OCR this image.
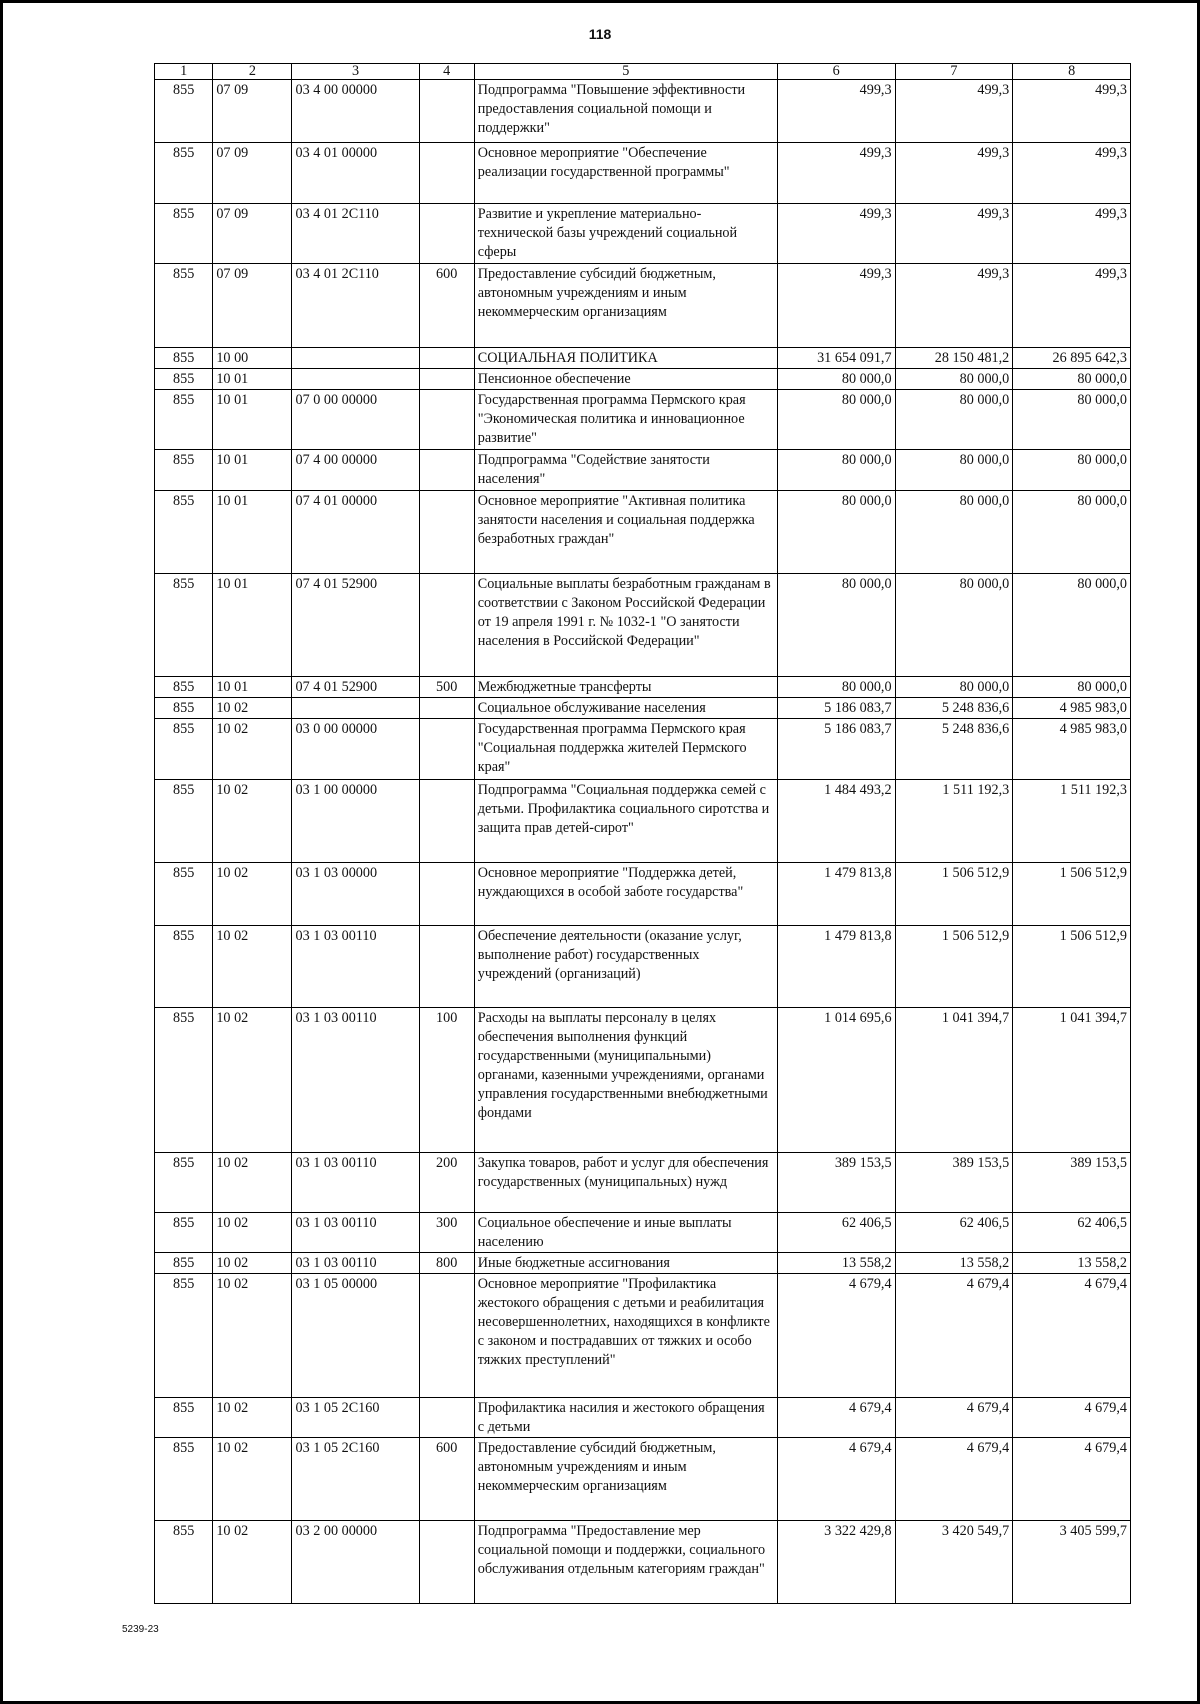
118
1	2	3	4	5	6	7	8
855	07 09	03 4 00 00000		Подпрограмма "Повышение эффективности предоставления социальной помощи и поддержки"	499,3	499,3	499,3
855	07 09	03 4 01 00000		Основное мероприятие "Обеспечение реализации государственной программы"	499,3	499,3	499,3
855	07 09	03 4 01 2С110		Развитие и укрепление материально-технической базы учреждений социальной сферы	499,3	499,3	499,3
855	07 09	03 4 01 2С110	600	Предоставление субсидий бюджетным, автономным учреждениям и иным некоммерческим организациям	499,3	499,3	499,3
855	10 00			СОЦИАЛЬНАЯ ПОЛИТИКА	31 654 091,7	28 150 481,2	26 895 642,3
855	10 01			Пенсионное обеспечение	80 000,0	80 000,0	80 000,0
855	10 01	07 0 00 00000		Государственная программа Пермского края "Экономическая политика и инновационное развитие"	80 000,0	80 000,0	80 000,0
855	10 01	07 4 00 00000		Подпрограмма "Содействие занятости населения"	80 000,0	80 000,0	80 000,0
855	10 01	07 4 01 00000		Основное мероприятие "Активная политика занятости населения и социальная поддержка безработных граждан"	80 000,0	80 000,0	80 000,0
855	10 01	07 4 01 52900		Социальные выплаты безработным гражданам в соответствии с Законом Российской Федерации от 19 апреля 1991 г. № 1032-1 "О занятости населения в Российской Федерации"	80 000,0	80 000,0	80 000,0
855	10 01	07 4 01 52900	500	Межбюджетные трансферты	80 000,0	80 000,0	80 000,0
855	10 02			Социальное обслуживание населения	5 186 083,7	5 248 836,6	4 985 983,0
855	10 02	03 0 00 00000		Государственная программа Пермского края "Социальная поддержка жителей Пермского края"	5 186 083,7	5 248 836,6	4 985 983,0
855	10 02	03 1 00 00000		Подпрограмма "Социальная поддержка семей с детьми. Профилактика социального сиротства и защита прав детей-сирот"	1 484 493,2	1 511 192,3	1 511 192,3
855	10 02	03 1 03 00000		Основное мероприятие "Поддержка детей, нуждающихся в особой заботе государства"	1 479 813,8	1 506 512,9	1 506 512,9
855	10 02	03 1 03 00110		Обеспечение деятельности (оказание услуг, выполнение работ) государственных учреждений (организаций)	1 479 813,8	1 506 512,9	1 506 512,9
855	10 02	03 1 03 00110	100	Расходы на выплаты персоналу в целях обеспечения выполнения функций государственными (муниципальными) органами, казенными учреждениями, органами управления государственными внебюджетными фондами	1 014 695,6	1 041 394,7	1 041 394,7
855	10 02	03 1 03 00110	200	Закупка товаров, работ и услуг для обеспечения государственных (муниципальных) нужд	389 153,5	389 153,5	389 153,5
855	10 02	03 1 03 00110	300	Социальное обеспечение и иные выплаты населению	62 406,5	62 406,5	62 406,5
855	10 02	03 1 03 00110	800	Иные бюджетные ассигнования	13 558,2	13 558,2	13 558,2
855	10 02	03 1 05 00000		Основное мероприятие "Профилактика жестокого обращения с детьми и реабилитация несовершеннолетних, находящихся в конфликте с законом и пострадавших от тяжких и особо тяжких преступлений"	4 679,4	4 679,4	4 679,4
855	10 02	03 1 05 2С160		Профилактика насилия и жестокого обращения с детьми	4 679,4	4 679,4	4 679,4
855	10 02	03 1 05 2С160	600	Предоставление субсидий бюджетным, автономным учреждениям и иным некоммерческим организациям	4 679,4	4 679,4	4 679,4
855	10 02	03 2 00 00000		Подпрограмма "Предоставление мер социальной помощи и поддержки, социального обслуживания отдельным категориям граждан"	3 322 429,8	3 420 549,7	3 405 599,7
5239-23
